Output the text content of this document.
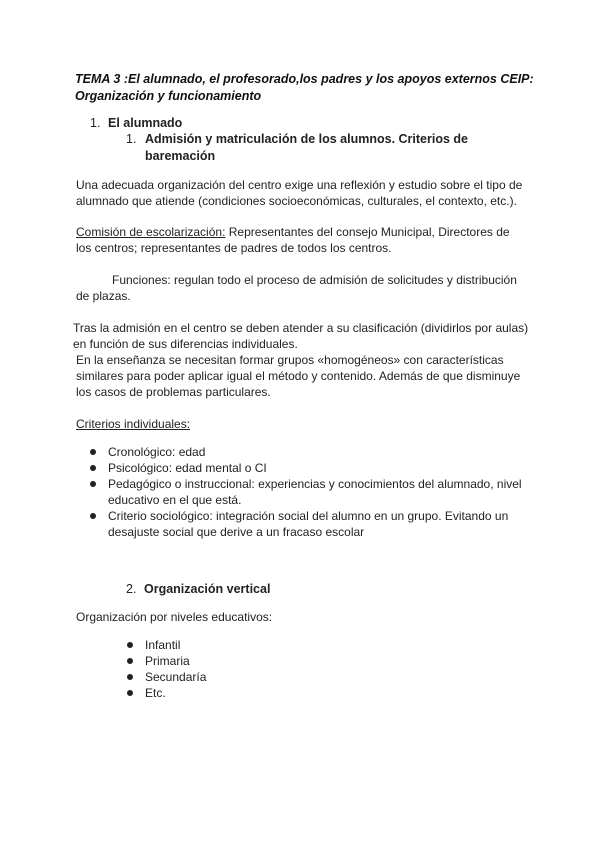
TEMA 3 :El alumnado, el profesorado,los padres y los apoyos externos CEIP: Organización y funcionamiento
1. El alumnado
1. Admisión y matriculación de los alumnos. Criterios de baremación
Una adecuada organización del centro exige una reflexión y estudio sobre el tipo de alumnado que atiende (condiciones socioeconómicas, culturales, el contexto, etc.).
Comisión de escolarización: Representantes del consejo Municipal, Directores de los centros; representantes de padres de todos los centros.
Funciones: regulan todo el proceso de admisión de solicitudes y distribución de plazas.
Tras la admisión en el centro se deben atender a su clasificación (dividirlos por aulas) en función de sus diferencias individuales.
En la enseñanza se necesitan formar grupos «homogéneos» con características similares para poder aplicar igual el método y contenido. Además de que disminuye los casos de problemas particulares.
Criterios individuales:
Cronológico: edad
Psicológico: edad mental o CI
Pedagógico o instruccional: experiencias y conocimientos del alumnado, nivel educativo en el que está.
Criterio sociológico: integración social del alumno en un grupo. Evitando un desajuste social que derive a un fracaso escolar
2. Organización vertical
Organización por niveles educativos:
Infantil
Primaria
Secundaría
Etc.
